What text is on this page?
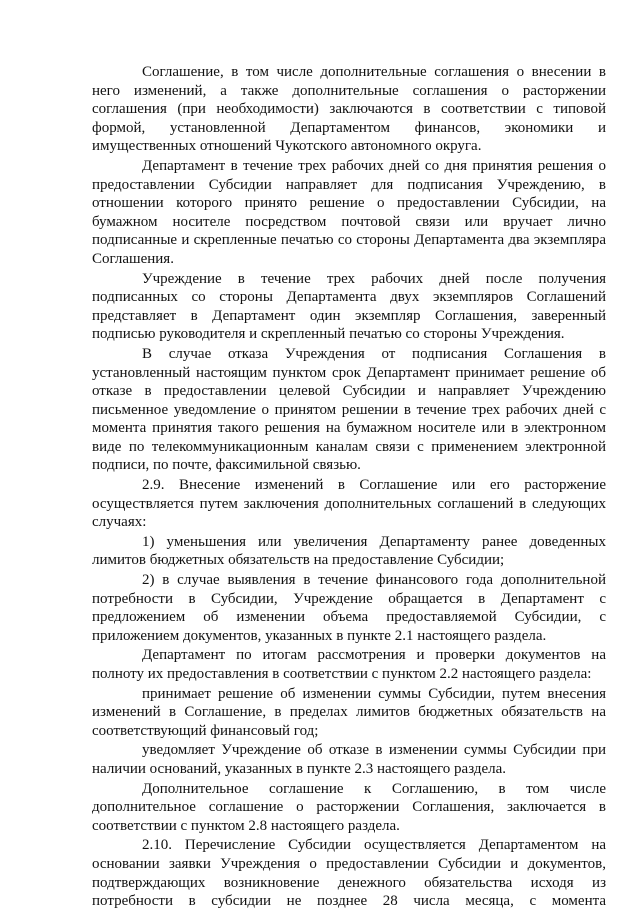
Соглашение, в том числе дополнительные соглашения о внесении в него изменений, а также дополнительные соглашения о расторжении соглашения (при необходимости) заключаются в соответствии с типовой формой, установленной Департаментом финансов, экономики и имущественных отношений Чукотского автономного округа.

Департамент в течение трех рабочих дней со дня принятия решения о предоставлении Субсидии направляет для подписания Учреждению, в отношении которого принято решение о предоставлении Субсидии, на бумажном носителе посредством почтовой связи или вручает лично подписанные и скрепленные печатью со стороны Департамента два экземпляра Соглашения.

Учреждение в течение трех рабочих дней после получения подписанных со стороны Департамента двух экземпляров Соглашений представляет в Департамент один экземпляр Соглашения, заверенный подписью руководителя и скрепленный печатью со стороны Учреждения.

В случае отказа Учреждения от подписания Соглашения в установленный настоящим пунктом срок Департамент принимает решение об отказе в предоставлении целевой Субсидии и направляет Учреждению письменное уведомление о принятом решении в течение трех рабочих дней с момента принятия такого решения на бумажном носителе или в электронном виде по телекоммуникационным каналам связи с применением электронной подписи, по почте, факсимильной связью.

2.9. Внесение изменений в Соглашение или его расторжение осуществляется путем заключения дополнительных соглашений в следующих случаях:

1) уменьшения или увеличения Департаменту ранее доведенных лимитов бюджетных обязательств на предоставление Субсидии;

2) в случае выявления в течение финансового года дополнительной потребности в Субсидии, Учреждение обращается в Департамент с предложением об изменении объема предоставляемой Субсидии, с приложением документов, указанных в пункте 2.1 настоящего раздела.

Департамент по итогам рассмотрения и проверки документов на полноту их предоставления в соответствии с пунктом 2.2 настоящего раздела:

принимает решение об изменении суммы Субсидии, путем внесения изменений в Соглашение, в пределах лимитов бюджетных обязательств на соответствующий финансовый год;

уведомляет Учреждение об отказе в изменении суммы Субсидии при наличии оснований, указанных в пункте 2.3 настоящего раздела.

Дополнительное соглашение к Соглашению, в том числе дополнительное соглашение о расторжении Соглашения, заключается в соответствии с пунктом 2.8 настоящего раздела.

2.10. Перечисление Субсидии осуществляется Департаментом на основании заявки Учреждения о предоставлении Субсидии и документов, подтверждающих возникновение денежного обязательства исходя из потребности в субсидии не позднее 28 числа месяца, с момента
